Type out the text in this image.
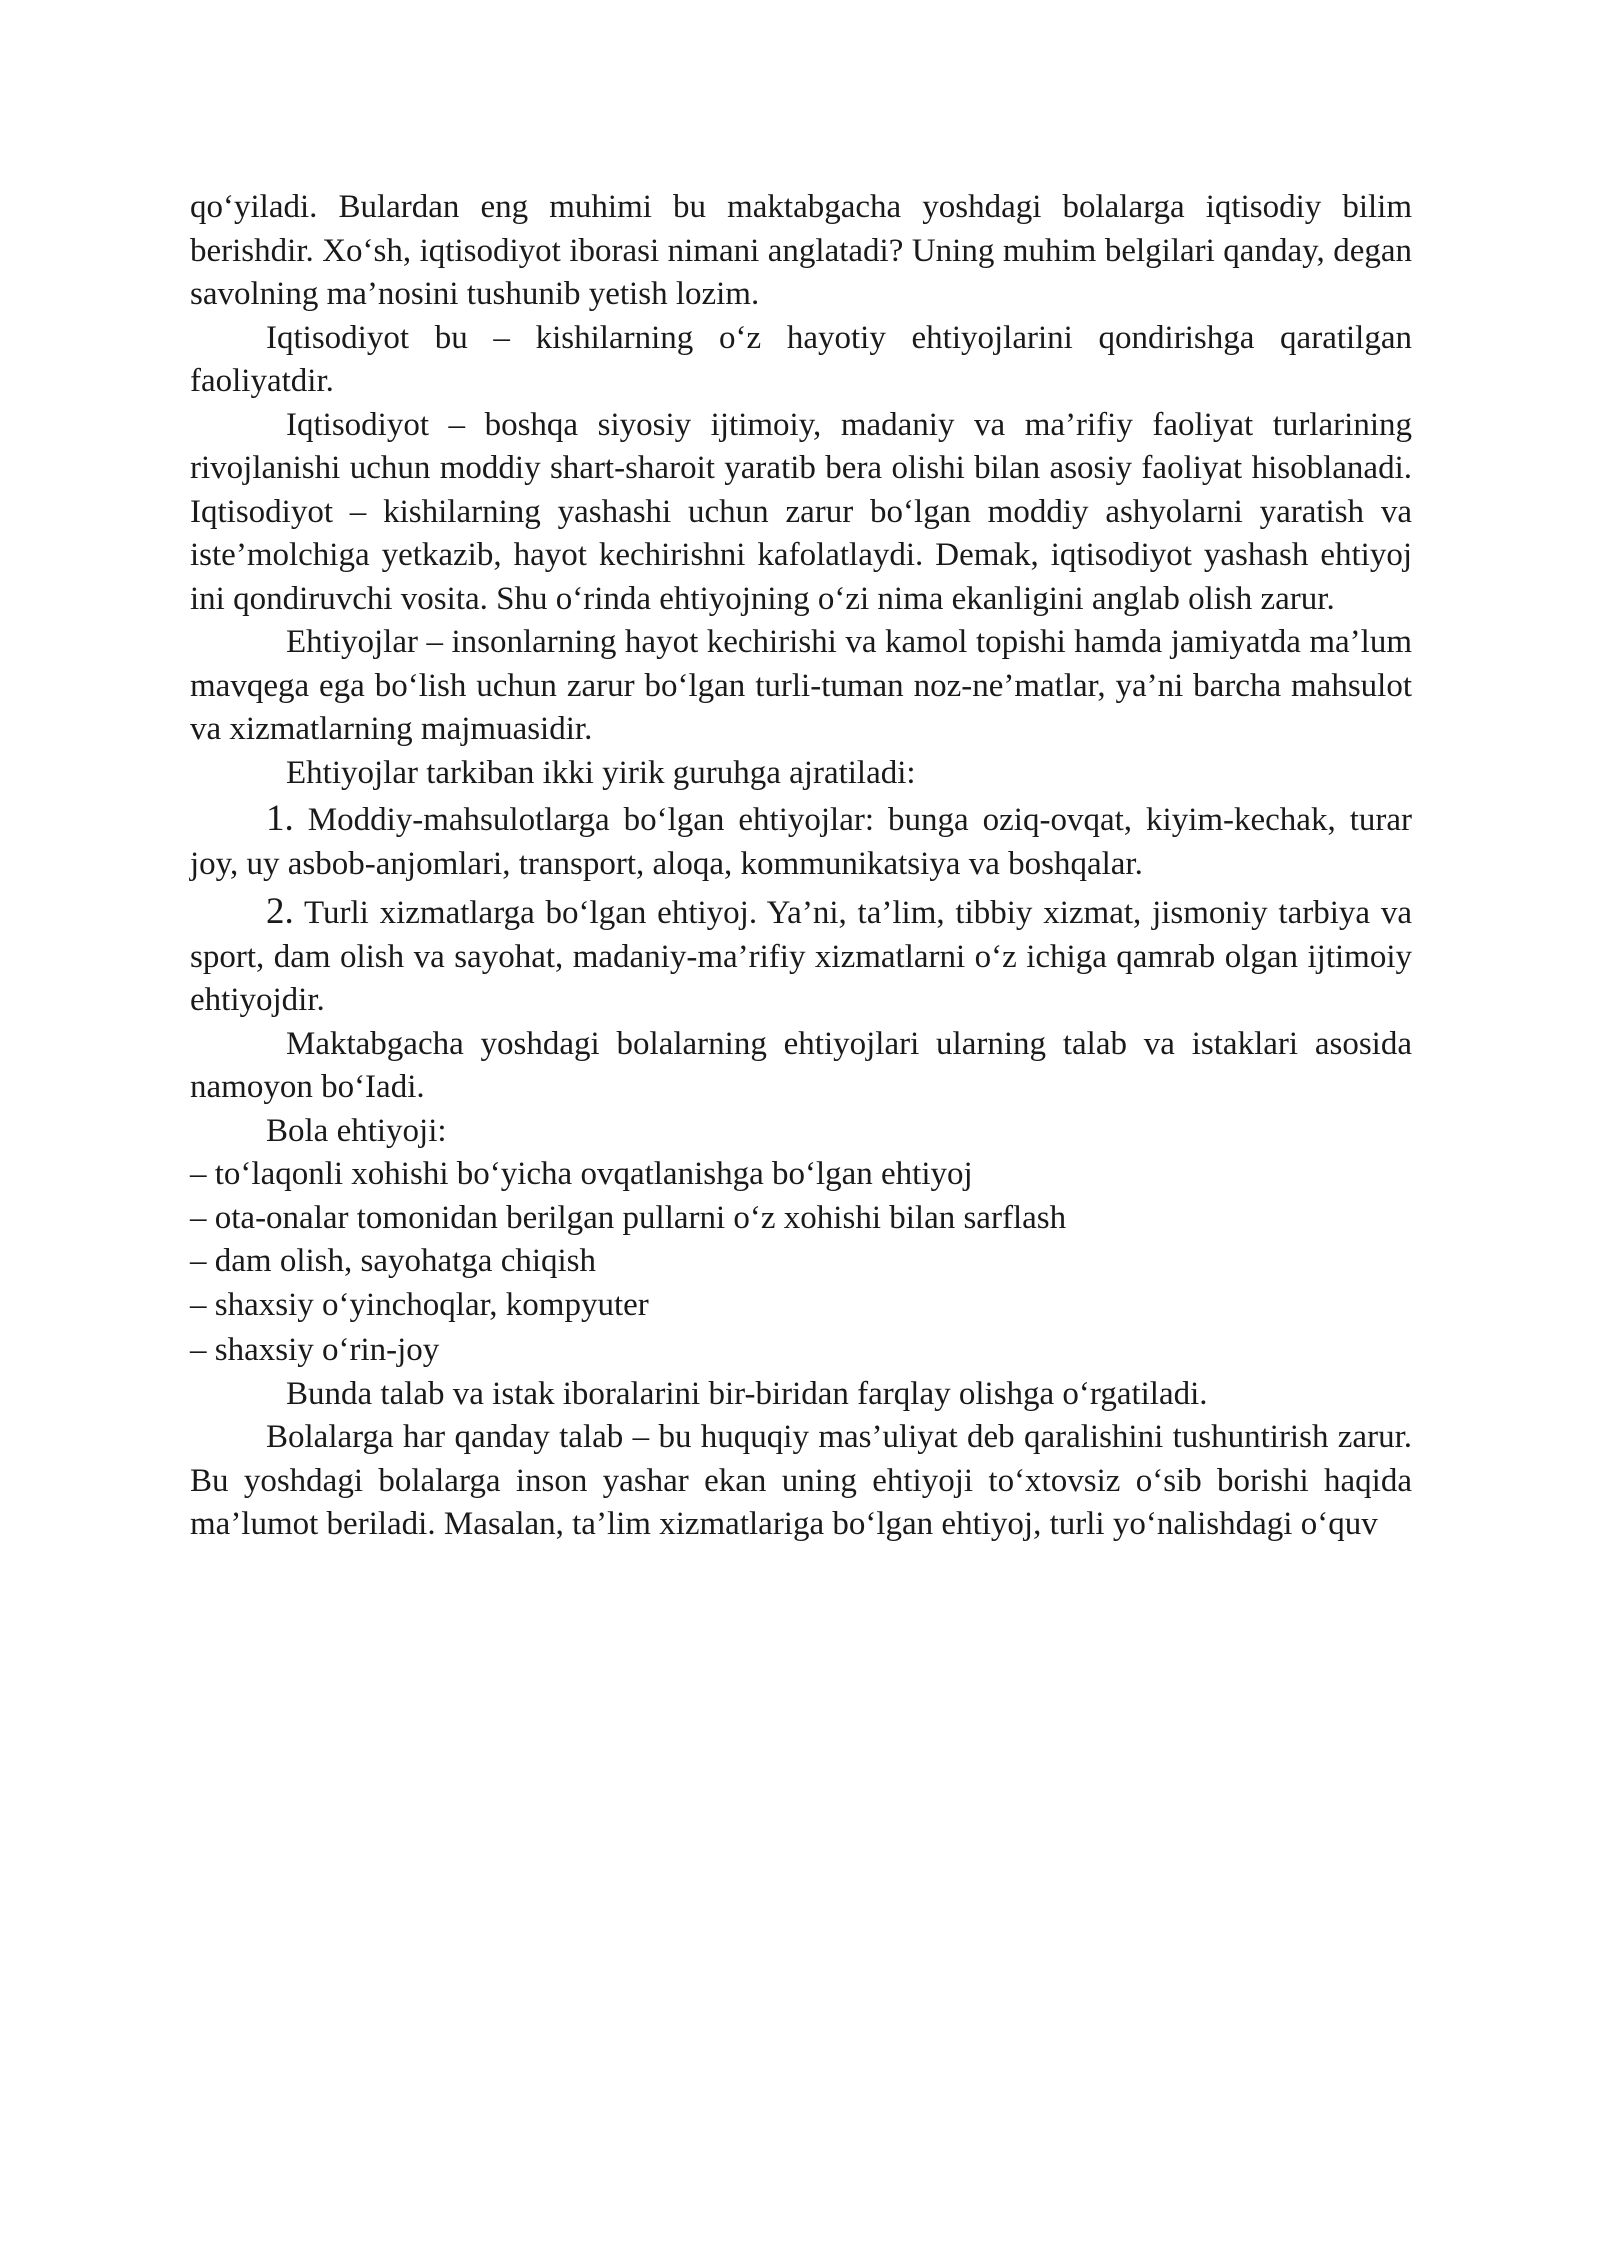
qoʻyiladi. Bulardan eng muhimi bu maktabgacha yoshdagi bolalarga iqtisodiy bilim berishdir. Xoʻsh, iqtisodiyot iborasi nimani anglatadi? Uning muhim belgilari qanday, degan savolning ma’nosini tushunib yetish lozim.

Iqtisodiyot bu – kishilarning oʻz hayotiy ehtiyojlarini qondirishga qaratilgan faoliyatdir.

Iqtisodiyot – boshqa siyosiy ijtimoiy, madaniy va ma’rifiy faoliyat turlarining rivojlanishi uchun moddiy shart-sharoit yaratib bera olishi bilan asosiy faoliyat hisoblanadi. Iqtisodiyot – kishilarning yashashi uchun zarur boʻlgan moddiy ashyolarni yaratish va iste’molchiga yetkazib, hayot kechirishni kafolatlaydi. Demak, iqtisodiyot yashash ehtiyoj ini qondiruvchi vosita. Shu oʻrinda ehtiyojning oʻzi nima ekanligini anglab olish zarur.

Ehtiyojlar – insonlarning hayot kechirishi va kamol topishi hamda jamiyatda ma’lum mavqega ega boʻlish uchun zarur boʻlgan turli-tuman noz-ne’matlar, ya’ni barcha mahsulot va xizmatlarning majmuasidir.

Ehtiyojlar tarkiban ikki yirik guruhga ajratiladi:

1. Moddiy-mahsulotlarga boʻlgan ehtiyojlar: bunga oziq-ovqat, kiyim-kechak, turar joy, uy asbob-anjomlari, transport, aloqa, kommunikatsiya va boshqalar.

2. Turli xizmatlarga boʻlgan ehtiyoj. Ya’ni, ta’lim, tibbiy xizmat, jismoniy tarbiya va sport, dam olish va sayohat, madaniy-ma’rifiy xizmatlarni oʻz ichiga qamrab olgan ijtimoiy ehtiyojdir.

Maktabgacha yoshdagi bolalarning ehtiyojlari ularning talab va istaklari asosida namoyon boʻIadi.

Bola ehtiyoji:

– toʻlaqonli xohishi boʻyicha ovqatlanishga boʻlgan ehtiyoj
– ota-onalar tomonidan berilgan pullarni oʻz xohishi bilan sarflash
– dam olish, sayohatga chiqish
– shaxsiy oʻyinchoqlar, kompyuter
– shaxsiy oʻrin-joy

Bunda talab va istak iboralarini bir-biridan farqlay olishga oʻrgatiladi.

Bolalarga har qanday talab – bu huquqiy mas’uliyat deb qaralishini tushuntirish zarur. Bu yoshdagi bolalarga inson yashar ekan uning ehtiyoji toʻxtovsiz oʻsib borishi haqida ma’lumot beriladi. Masalan, ta’lim xizmatlariga boʻlgan ehtiyoj, turli yoʻnalishdagi oʻquv
